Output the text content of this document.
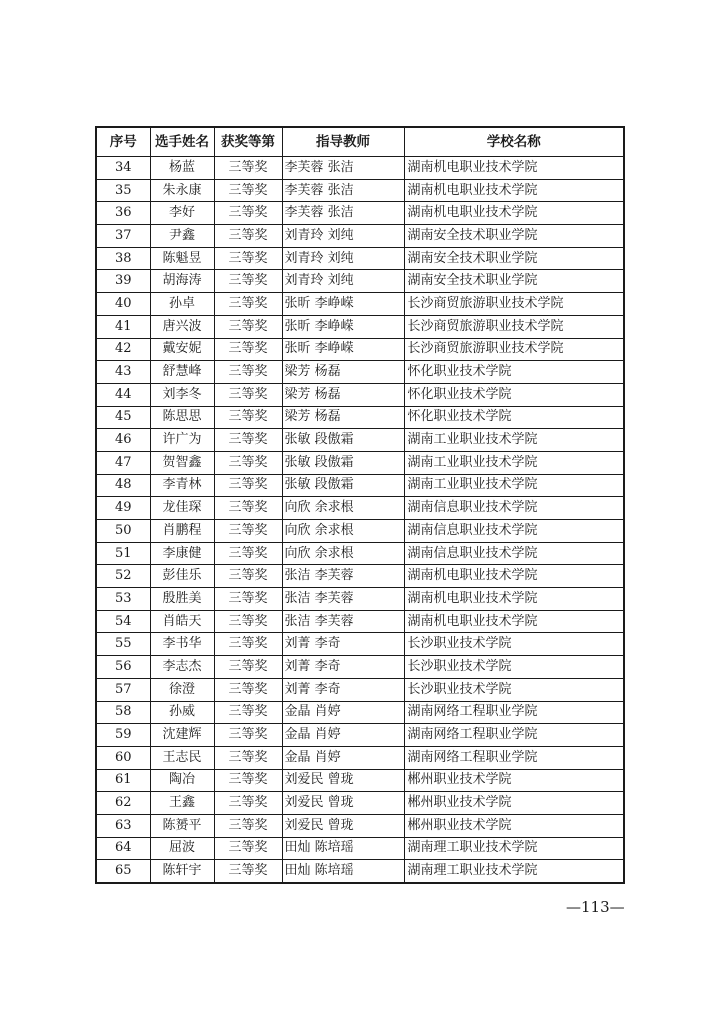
序号	选手姓名	获奖等第	指导教师	学校名称
34	杨蓝	三等奖	李芙蓉 张洁	湖南机电职业技术学院
35	朱永康	三等奖	李芙蓉 张洁	湖南机电职业技术学院
36	李好	三等奖	李芙蓉 张洁	湖南机电职业技术学院
37	尹鑫	三等奖	刘青玲 刘纯	湖南安全技术职业学院
38	陈魁昱	三等奖	刘青玲 刘纯	湖南安全技术职业学院
39	胡海涛	三等奖	刘青玲 刘纯	湖南安全技术职业学院
40	孙卓	三等奖	张昕 李峥嵘	长沙商贸旅游职业技术学院
41	唐兴波	三等奖	张昕 李峥嵘	长沙商贸旅游职业技术学院
42	戴安妮	三等奖	张昕 李峥嵘	长沙商贸旅游职业技术学院
43	舒慧峰	三等奖	梁芳 杨磊	怀化职业技术学院
44	刘李冬	三等奖	梁芳 杨磊	怀化职业技术学院
45	陈思思	三等奖	梁芳 杨磊	怀化职业技术学院
46	许广为	三等奖	张敏 段傲霜	湖南工业职业技术学院
47	贺智鑫	三等奖	张敏 段傲霜	湖南工业职业技术学院
48	李青林	三等奖	张敏 段傲霜	湖南工业职业技术学院
49	龙佳琛	三等奖	向欣 余求根	湖南信息职业技术学院
50	肖鹏程	三等奖	向欣 余求根	湖南信息职业技术学院
51	李康健	三等奖	向欣 余求根	湖南信息职业技术学院
52	彭佳乐	三等奖	张洁 李芙蓉	湖南机电职业技术学院
53	殷胜美	三等奖	张洁 李芙蓉	湖南机电职业技术学院
54	肖皓天	三等奖	张洁 李芙蓉	湖南机电职业技术学院
55	李书华	三等奖	刘菁 李奇	长沙职业技术学院
56	李志杰	三等奖	刘菁 李奇	长沙职业技术学院
57	徐澄	三等奖	刘菁 李奇	长沙职业技术学院
58	孙威	三等奖	金晶 肖婷	湖南网络工程职业学院
59	沈建辉	三等奖	金晶 肖婷	湖南网络工程职业学院
60	王志民	三等奖	金晶 肖婷	湖南网络工程职业学院
61	陶冶	三等奖	刘爱民 曾珑	郴州职业技术学院
62	王鑫	三等奖	刘爱民 曾珑	郴州职业技术学院
63	陈赟平	三等奖	刘爱民 曾珑	郴州职业技术学院
64	屈波	三等奖	田灿 陈培瑶	湖南理工职业技术学院
65	陈轩宇	三等奖	田灿 陈培瑶	湖南理工职业技术学院
—113—
